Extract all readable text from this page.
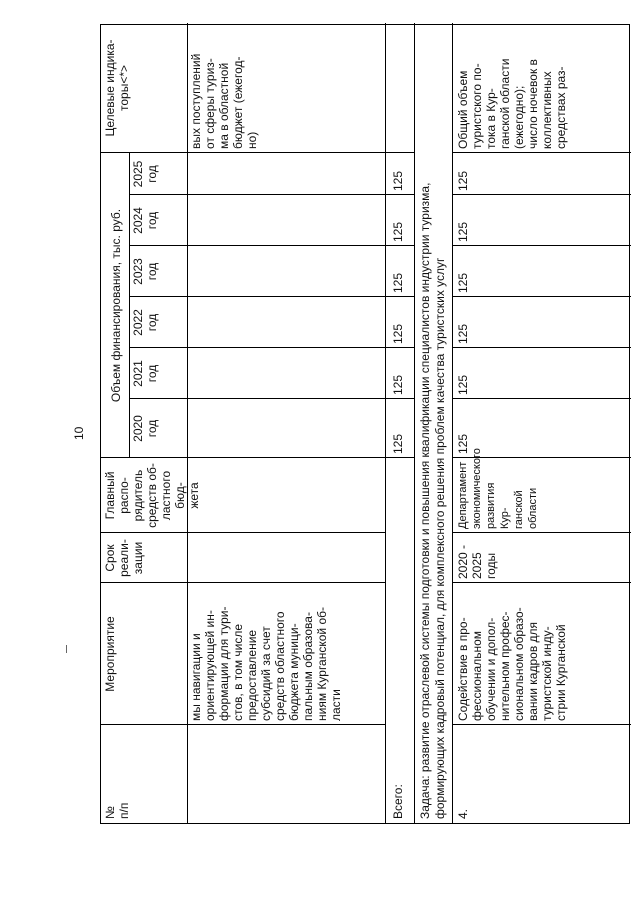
10
№
п/п
Мероприятие
Срок
реали-
зации
Главный распо-
рядитель
средств об-
ластного бюд-
жета
Объем финансирования, тыс. руб.
2020
год
2021
год
2022
год
2023
год
2024
год
2025
год
Целевые индика-
торы<*>
мы навигации и
ориентирующей ин-
формации для тури-
стов, в том числе
предоставление
субсидий за счет
средств областного
бюджета муници-
пальным образова-
ниям Курганской об-
ласти
вых поступлений
от сферы туриз-
ма в областной
бюджет (ежегод-
но)
Всего:
125
125
125
125
125
125
Задача: развитие отраслевой системы подготовки и повышения квалификации специалистов индустрии туризма, формирующих кадровый потенциал, для комплексного решения проблем качества туристских услуг 4.
Содействие в про-
фессиональном
обучении и допол-
нительном профес-
сиональном образо-
вании кадров для
туристской инду-
стрии Курганской
2020 -
2025
годы
Департамент
экономического
развития Кур-
ганской области
125
125
125
125
125
125
Общий объем
туристского по-
тока в Кур-
ганской области
(ежегодно);
число ночевок в
коллективных
средствах раз-
